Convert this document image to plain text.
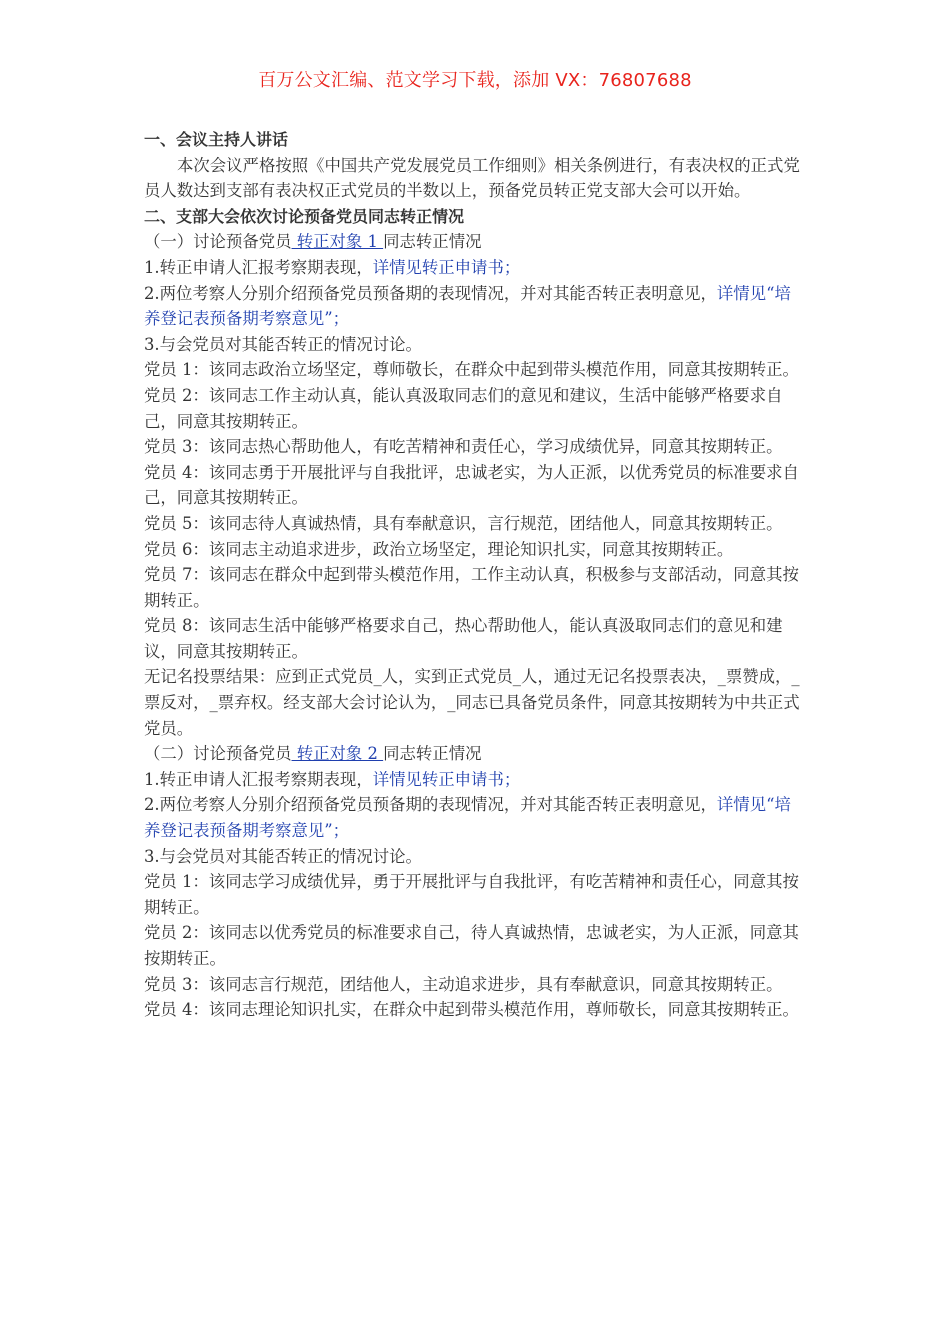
百万公文汇编、范文学习下载，添加 VX：76807688

一、会议主持人讲话

本次会议严格按照《中国共产党发展党员工作细则》相关条例进行，有表决权的正式党员人数达到支部有表决权正式党员的半数以上，预备党员转正党支部大会可以开始。

二、支部大会依次讨论预备党员同志转正情况

（一）讨论预备党员 转正对象 1 同志转正情况

1.转正申请人汇报考察期表现，详情见转正申请书；

2.两位考察人分别介绍预备党员预备期的表现情况，并对其能否转正表明意见，详情见“培养登记表预备期考察意见”；

3.与会党员对其能否转正的情况讨论。

党员 1：该同志政治立场坚定，尊师敬长，在群众中起到带头模范作用，同意其按期转正。

党员 2：该同志工作主动认真，能认真汲取同志们的意见和建议，生活中能够严格要求自己，同意其按期转正。

党员 3：该同志热心帮助他人，有吃苦精神和责任心，学习成绩优异，同意其按期转正。

党员 4：该同志勇于开展批评与自我批评，忠诚老实，为人正派，以优秀党员的标准要求自己，同意其按期转正。

党员 5：该同志待人真诚热情，具有奉献意识，言行规范，团结他人，同意其按期转正。

党员 6：该同志主动追求进步，政治立场坚定，理论知识扎实，同意其按期转正。

党员 7：该同志在群众中起到带头模范作用，工作主动认真，积极参与支部活动，同意其按期转正。

党员 8：该同志生活中能够严格要求自己，热心帮助他人，能认真汲取同志们的意见和建议，同意其按期转正。

无记名投票结果：应到正式党员_人，实到正式党员_人，通过无记名投票表决，_票赞成，_票反对，_票弃权。经支部大会讨论认为，_同志已具备党员条件，同意其按期转为中共正式党员。

（二）讨论预备党员 转正对象 2 同志转正情况

1.转正申请人汇报考察期表现，详情见转正申请书；

2.两位考察人分别介绍预备党员预备期的表现情况，并对其能否转正表明意见，详情见“培养登记表预备期考察意见”；

3.与会党员对其能否转正的情况讨论。

党员 1：该同志学习成绩优异，勇于开展批评与自我批评，有吃苦精神和责任心，同意其按期转正。

党员 2：该同志以优秀党员的标准要求自己，待人真诚热情，忠诚老实，为人正派，同意其按期转正。

党员 3：该同志言行规范，团结他人，主动追求进步，具有奉献意识，同意其按期转正。

党员 4：该同志理论知识扎实，在群众中起到带头模范作用，尊师敬长，同意其按期转正。
